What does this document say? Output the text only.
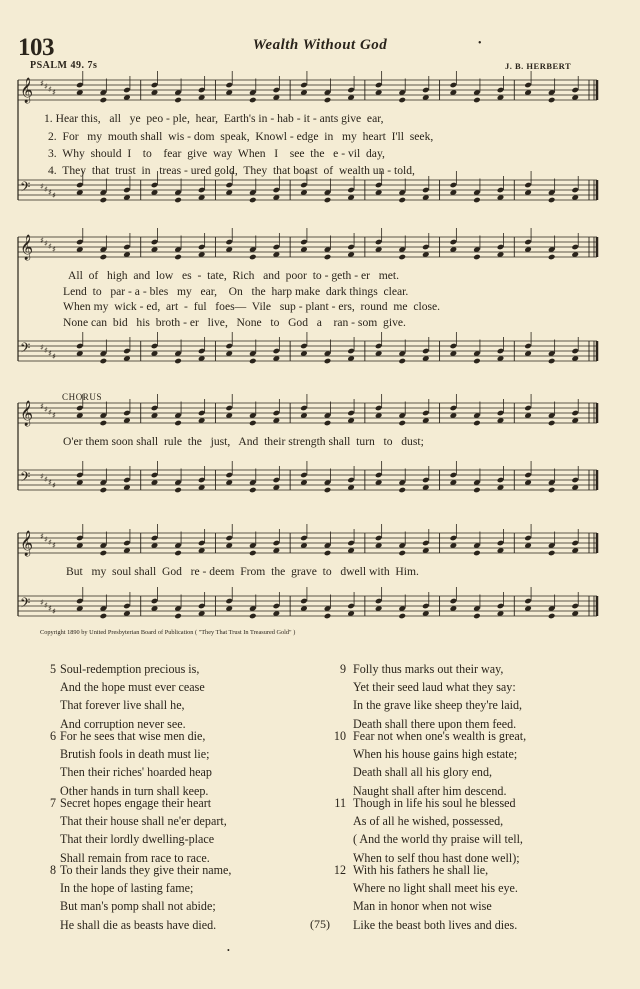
103	Wealth Without God	•
PSALM 49. 7s	J. B. HERBERT
𝄞
𝄢
♯
♯
♯
♯
♯
♯
♯
♯
𝄞
𝄢
♯
♯
♯
♯
♯
♯
♯
♯
𝄞
𝄢
♯
♯
♯
♯
♯
♯
♯
♯
𝄞
𝄢
♯
♯
♯
♯
♯
♯
♯
♯
1. Hear this,   all   ye  peo - ple,  hear,  Earth's in - hab - it - ants give  ear,
2.  For   my  mouth shall  wis - dom  speak,  Knowl - edge  in   my  heart  I'll  seek,
3.  Why  should  I    to    fear  give  way  When   I    see  the   e - vil  day,
4.  They  that  trust  in   treas - ured gold,  They  that boast  of  wealth un - told,
All  of   high  and  low   es  -  tate,  Rich   and  poor  to - geth - er   met.
Lend  to   par - a - bles   my   ear,    On   the  harp make  dark things  clear.
When my  wick - ed,  art  -  ful   foes—  Vile   sup - plant - ers,  round  me  close.
None can  bid   his  broth - er   live,   None   to   God   a    ran - som  give.
CHORUS
O'er them soon shall  rule  the   just,   And  their strength shall  turn   to   dust;
But   my  soul shall  God   re - deem  From  the  grave  to   dwell with  Him.
Copyright 1890 by United Presbyterian Board of Publication ( "They That Trust In Treasured Gold" )
5 Soul-redemption precious is,
And the hope must ever cease
That forever live shall he,
And corruption never see.
6 For he sees that wise men die,
Brutish fools in death must lie;
Then their riches' hoarded heap
Other hands in turn shall keep.
7 Secret hopes engage their heart
That their house shall ne'er depart,
That their lordly dwelling-place
Shall remain from race to race.
8 To their lands they give their name,
In the hope of lasting fame;
But man's pomp shall not abide;
He shall die as beasts have died.
9 Folly thus marks out their way,
Yet their seed laud what they say:
In the grave like sheep they're laid,
Death shall there upon them feed.
10 Fear not when one's wealth is great,
When his house gains high estate;
Death shall all his glory end,
Naught shall after him descend.
11 Though in life his soul he blessed
As of all he wished, possessed,
( And the world thy praise will tell,
When to self thou hast done well);
12 With his fathers he shall lie,
Where no light shall meet his eye.
Man in honor when not wise
Like the beast both lives and dies.
(75)
•
